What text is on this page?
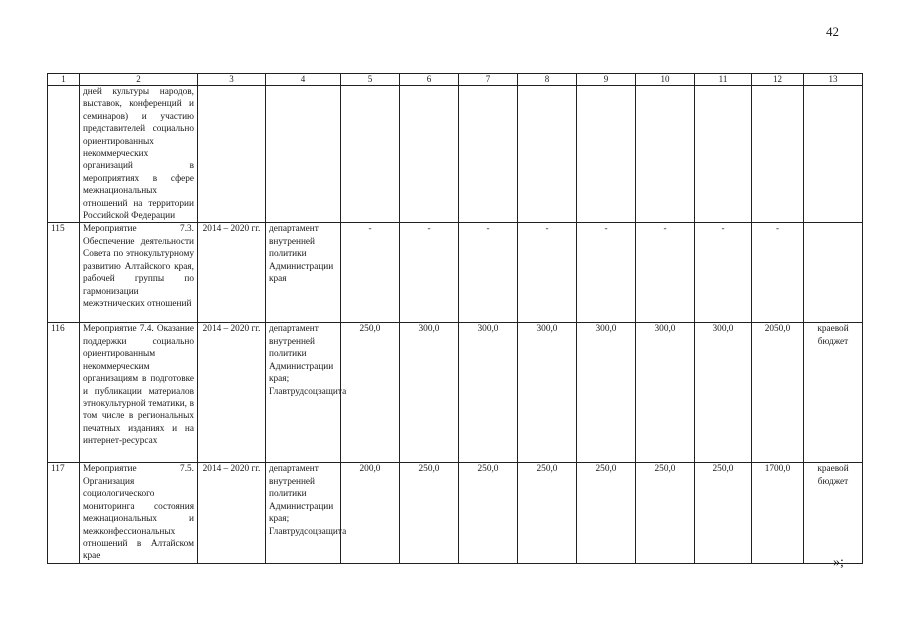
42
1	2	3	4	5	6	7	8	9	10	11	12	13
	дней культуры народов, выставок, конференций и семинаров) и участию представителей социально ориентированных некоммерческих организаций в мероприятиях в сфере межнациональных отношений на территории Российской Федерации											
115	Мероприятие 7.3. Обеспечение деятельности Совета по этнокультурному развитию Алтайского края, рабочей группы по гармонизации межэтнических отношений	2014 – 2020 гг.	департамент внутренней политики Администрации края	-	-	-	-	-	-	-	-	
116	Мероприятие 7.4. Оказание поддержки социально ориентированным некоммерческим организациям в подготовке и публикации материалов этнокультурной тематики, в том числе в региональных печатных изданиях и на интернет-ресурсах	2014 – 2020 гг.	департамент внутренней политики Администрации края; Главтрудсоцзащита	250,0	300,0	300,0	300,0	300,0	300,0	300,0	2050,0	краевой бюджет
117	Мероприятие 7.5. Организация социологического мониторинга состояния межнациональных и межконфессиональных отношений в Алтайском крае	2014 – 2020 гг.	департамент внутренней политики Администрации края; Главтрудсоцзащита	200,0	250,0	250,0	250,0	250,0	250,0	250,0	1700,0	краевой бюджет
»;
